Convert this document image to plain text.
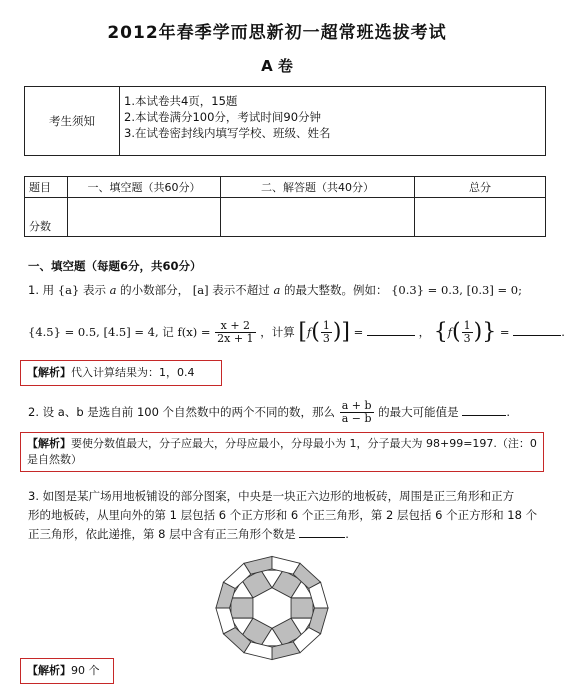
2012年春季学而思新初一超常班选拔考试
A 卷
考生须知	
1.本试卷共4页，15题
2.本试卷满分100分，考试时间90分钟
3.在试卷密封线内填写学校、班级、姓名
题目	一、填空题（共60分）	二、解答题（共40分）	总分
分数			
一、填空题（每题6分，共60分）
1. 用 {a} 表示 a 的小数部分， [a] 表示不超过 a 的最大整数。例如： {0.3} = 0.3, [0.3] = 0;
{4.5} = 0.5, [4.5] = 4, 记 $f(x) = \frac{x + 2}{2x + 1}$ ，计算 [$f( \frac{1}{3}$ )] =	， {$f( \frac{1}{3}$ )} =	.
【解析】代入计算结果为：1，0.4
2. 设 a、b 是选自前 100 个自然数中的两个不同的数，那么 $\frac{a + b}{a - b}$ 的最大可能值是	.
【解析】要使分数值最大，分子应最大，分母应最小，分母最小为 1，分子最大为 98+99=197.（注：0 是自然数）
3. 如图是某广场用地板铺设的部分图案，中央是一块正六边形的地板砖，周围是正三角形和正方
形的地板砖，从里向外的第 1 层包括 6 个正方形和 6 个正三角形，第 2 层包括 6 个正方形和 18 个
正三角形，依此递推，第 8 层中含有正三角形个数是	.
【解析】90 个
